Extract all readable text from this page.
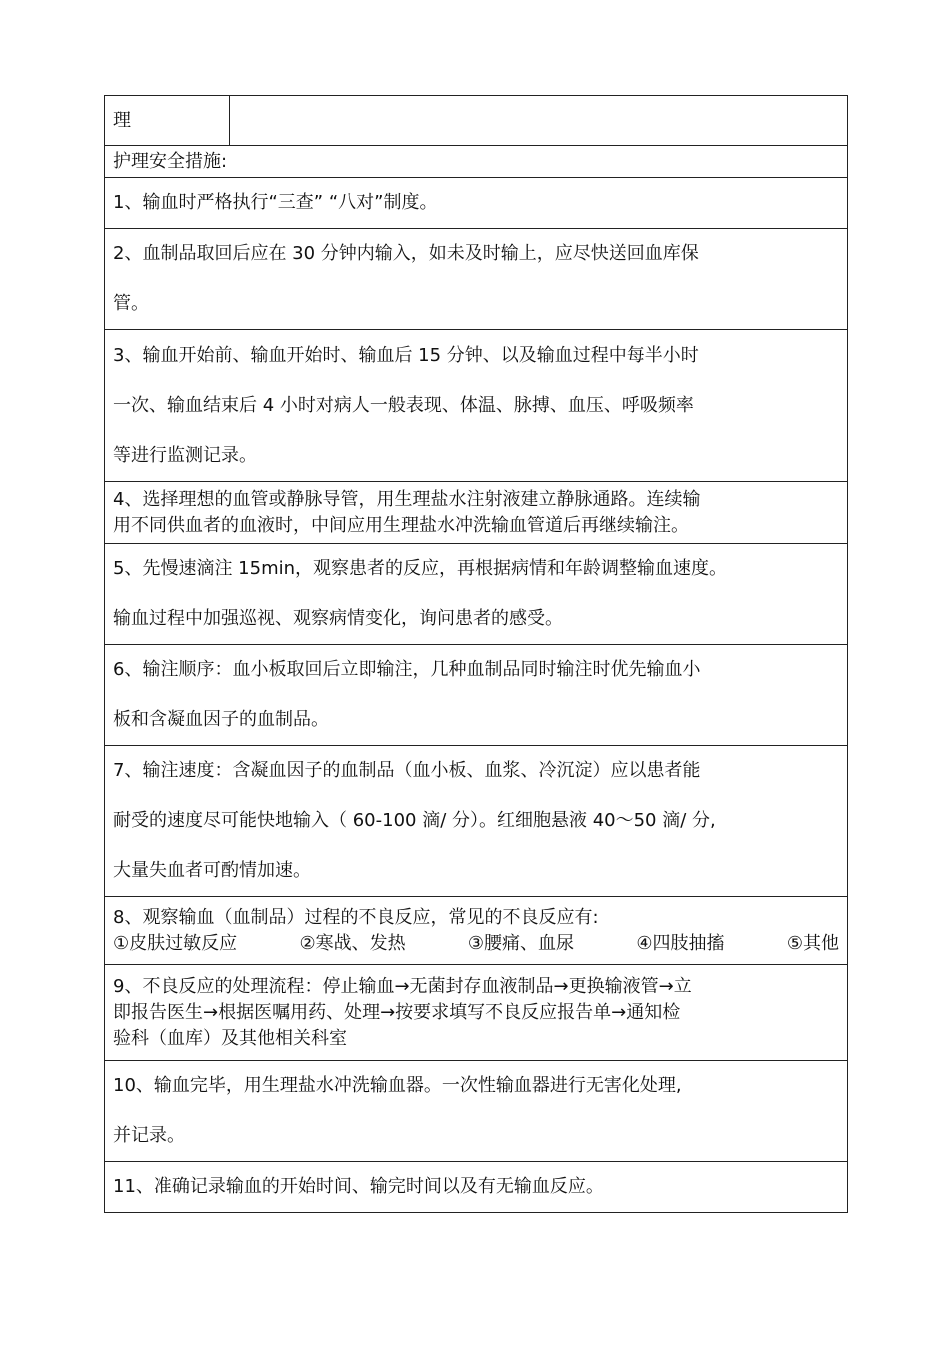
理	
护理安全措施:

1、输血时严格执行“三查” “八对”制度。

2、血制品取回后应在 30 分钟内输入，如未及时输上，应尽快送回血库保
管。

3、输血开始前、输血开始时、输血后 15 分钟、以及输血过程中每半小时
一次、输血结束后 4 小时对病人一般表现、体温、脉搏、血压、呼吸频率
等进行监测记录。

4、选择理想的血管或静脉导管，用生理盐水注射液建立静脉通路。连续输
用不同供血者的血液时，中间应用生理盐水冲洗输血管道后再继续输注。

5、先慢速滴注 15min，观察患者的反应，再根据病情和年龄调整输血速度。
输血过程中加强巡视、观察病情变化，询问患者的感受。

6、输注顺序：血小板取回后立即输注，几种血制品同时输注时优先输血小
板和含凝血因子的血制品。

7、输注速度：含凝血因子的血制品（血小板、血浆、冷沉淀）应以患者能
耐受的速度尽可能快地输入（ 60-100 滴/ 分）。红细胞悬液 40～50 滴/ 分,
大量失血者可酌情加速。

8、观察输血（血制品）过程的不良反应，常见的不良反应有:
①皮肤过敏反应	②寒战、发热	③腰痛、血尿	④四肢抽搐	⑤其他

9、不良反应的处理流程：停止输血→无菌封存血液制品→更换输液管→立
即报告医生→根据医嘱用药、处理→按要求填写不良反应报告单→通知检
验科（血库）及其他相关科室

10、输血完毕，用生理盐水冲洗输血器。一次性输血器进行无害化处理,
并记录。

11、准确记录输血的开始时间、输完时间以及有无输血反应。
